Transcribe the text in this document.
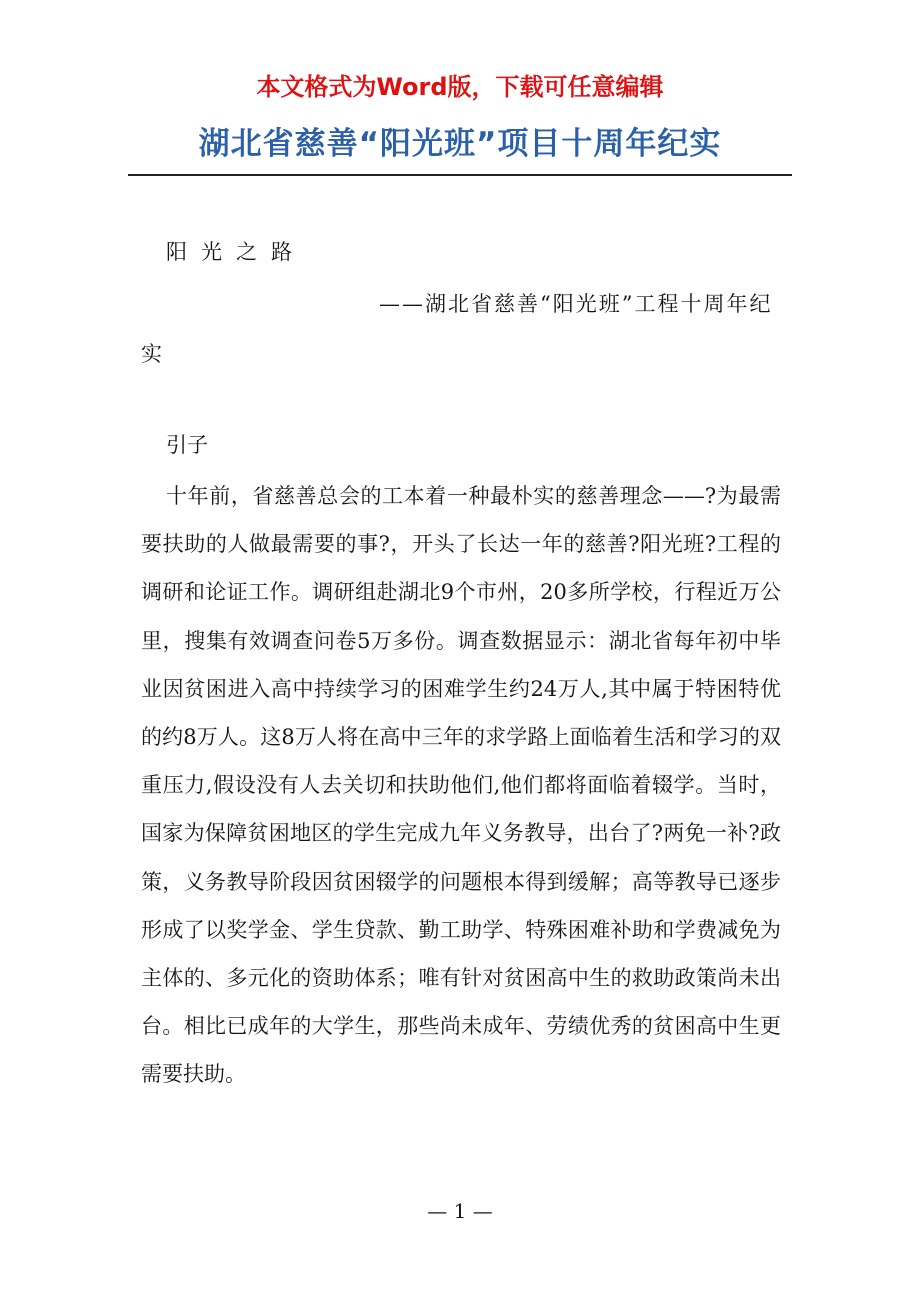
本文格式为Word版，下载可任意编辑
湖北省慈善“阳光班”项目十周年纪实
阳光之路
——湖北省慈善“阳光班”工程十周年纪实
引子
十年前，省慈善总会的工本着一种最朴实的慈善理念——?为最需要扶助的人做最需要的事?，开头了长达一年的慈善?阳光班?工程的调研和论证工作。调研组赴湖北9个市州，20多所学校，行程近万公里，搜集有效调查问卷5万多份。调查数据显示：湖北省每年初中毕业因贫困进入高中持续学习的困难学生约24万人,其中属于特困特优的约8万人。这8万人将在高中三年的求学路上面临着生活和学习的双重压力,假设没有人去关切和扶助他们,他们都将面临着辍学。当时，国家为保障贫困地区的学生完成九年义务教导，出台了?两免一补?政策，义务教导阶段因贫困辍学的问题根本得到缓解；高等教导已逐步形成了以奖学金、学生贷款、勤工助学、特殊困难补助和学费减免为主体的、多元化的资助体系；唯有针对贫困高中生的救助政策尚未出台。相比已成年的大学生，那些尚未成年、劳绩优秀的贫困高中生更需要扶助。
— 1 —
